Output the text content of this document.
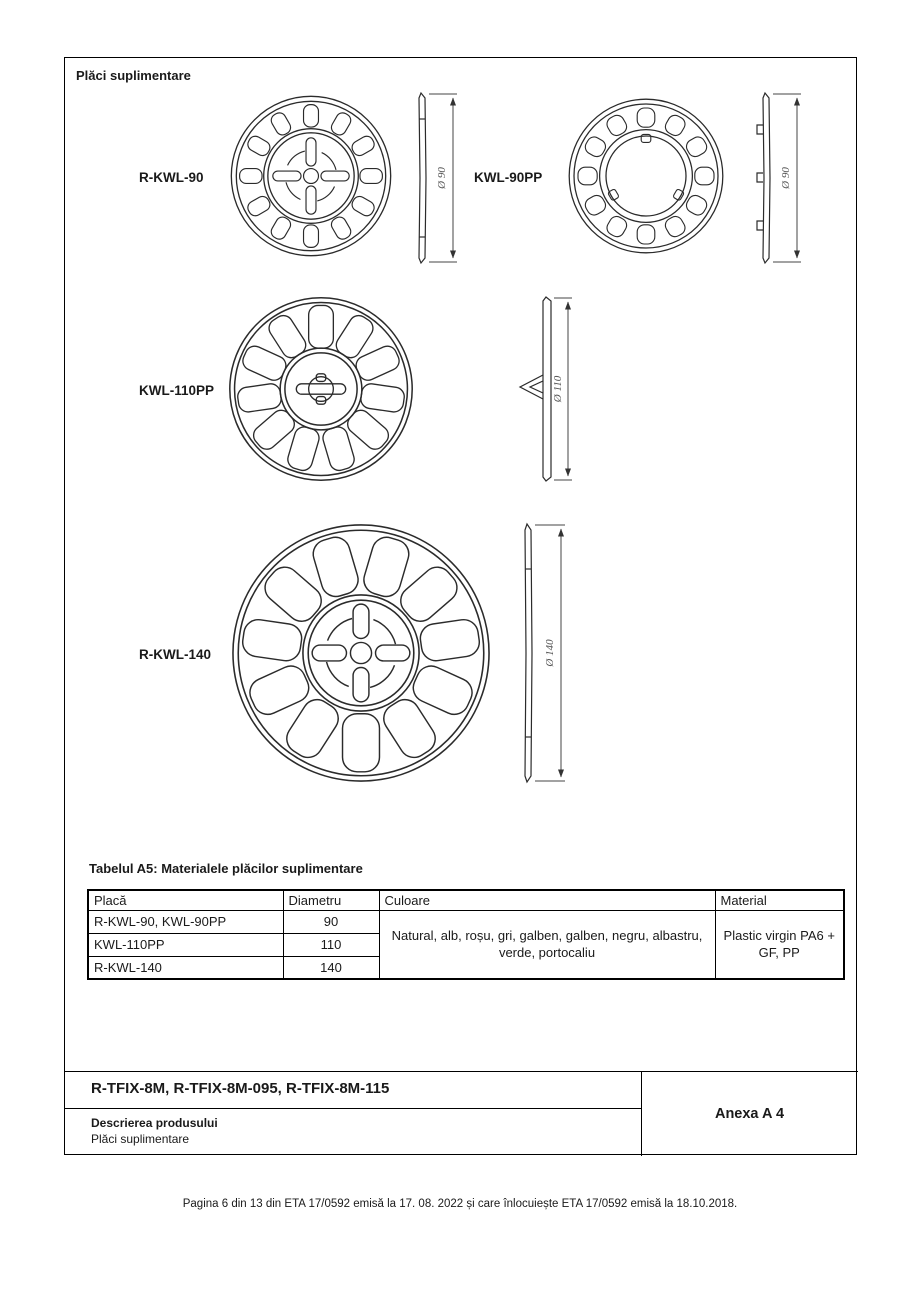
Plăci suplimentare
R-KWL-90	Ø 90 KWL-90PP	Ø 90
KWL-110PP	Ø 110
R-KWL-140	Ø 140
Tabelul A5: Materialele plăcilor suplimentare
Placă	Diametru	Culoare	Material
R-KWL-90, KWL-90PP	90	Natural, alb, roșu, gri, galben, galben, negru, albastru, verde, portocaliu	Plastic virgin PA6 + GF, PP
KWL-110PP	110		
R-KWL-140	140		
R-TFIX-8M, R-TFIX-8M-095, R-TFIX-8M-115
Descrierea produsului
Plăci suplimentare
Anexa A 4
Pagina 6 din 13 din ETA 17/0592 emisă la 17. 08. 2022 și care înlocuiește ETA 17/0592 emisă la 18.10.2018.
